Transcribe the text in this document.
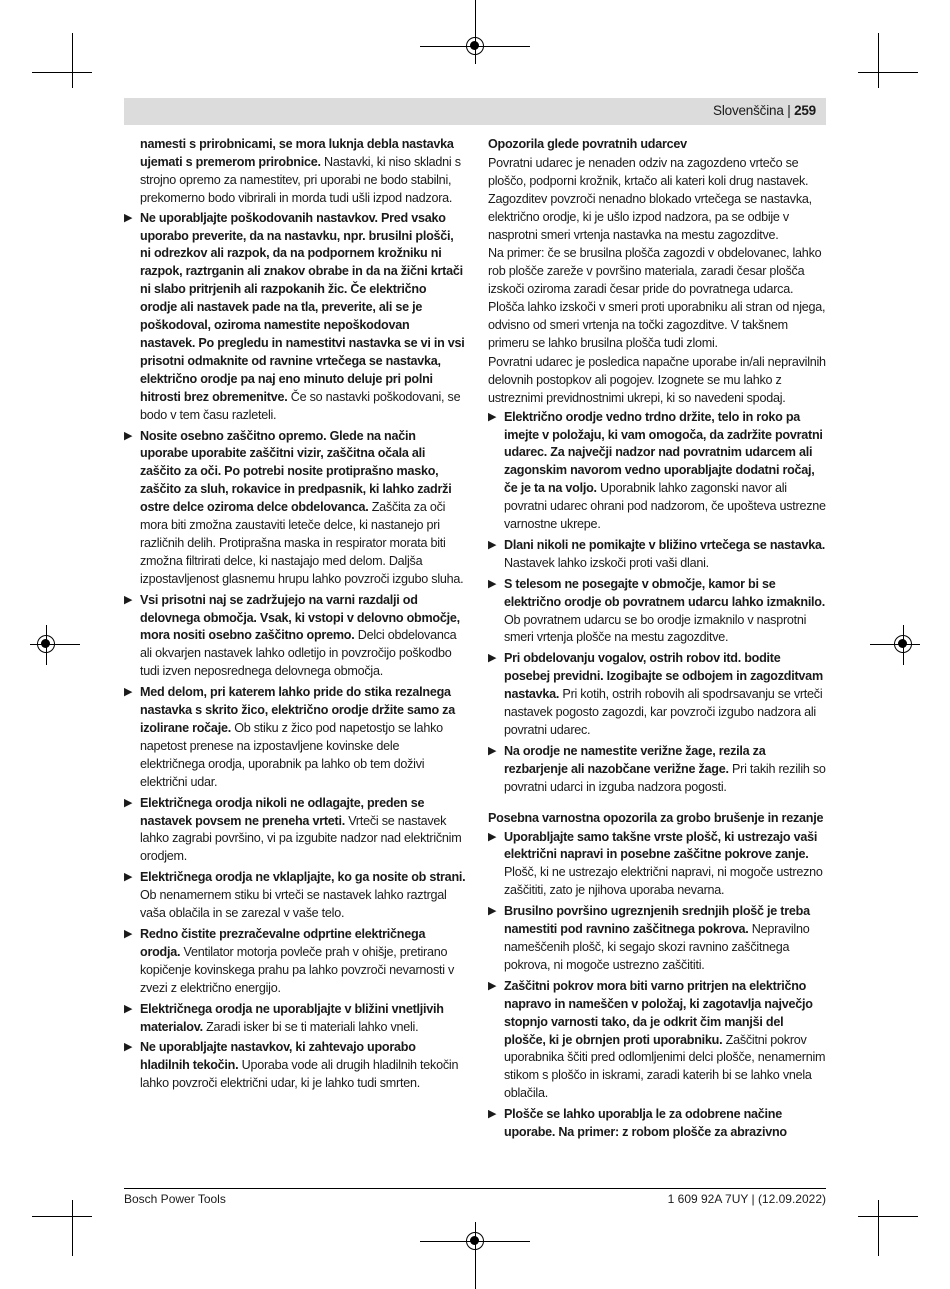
Slovenščina | 259

namesti s prirobnicami, se mora luknja debla nastavka ujemati s premerom prirobnice. Nastavki, ki niso skladni s strojno opremo za namestitev, pri uporabi ne bodo stabilni, prekomerno bodo vibrirali in morda tudi ušli izpod nadzora.

▶ Ne uporabljajte poškodovanih nastavkov. Pred vsako uporabo preverite, da na nastavku, npr. brusilni plošči, ni odrezkov ali razpok, da na podpornem krožniku ni razpok, raztrganin ali znakov obrabe in da na žični krtači ni slabo pritrjenih ali razpokanih žic. Če električno orodje ali nastavek pade na tla, preverite, ali se je poškodoval, oziroma namestite nepoškodovan nastavek. Po pregledu in namestitvi nastavka se vi in vsi prisotni odmaknite od ravnine vrtečega se nastavka, električno orodje pa naj eno minuto deluje pri polni hitrosti brez obremenitve. Če so nastavki poškodovani, se bodo v tem času razleteli.
▶ Nosite osebno zaščitno opremo. Glede na način uporabe uporabite zaščitni vizir, zaščitna očala ali zaščito za oči. Po potrebi nosite protiprašno masko, zaščito za sluh, rokavice in predpasnik, ki lahko zadrži ostre delce oziroma delce obdelovanca. Zaščita za oči mora biti zmožna zaustaviti leteče delce, ki nastanejo pri različnih delih. Protiprašna maska in respirator morata biti zmožna filtrirati delce, ki nastajajo med delom. Daljša izpostavljenost glasnemu hrupu lahko povzroči izgubo sluha.
▶ Vsi prisotni naj se zadržujejo na varni razdalji od delovnega območja. Vsak, ki vstopi v delovno območje, mora nositi osebno zaščitno opremo. Delci obdelovanca ali okvarjen nastavek lahko odletijo in povzročijo poškodbo tudi izven neposrednega delovnega območja.
▶ Med delom, pri katerem lahko pride do stika rezalnega nastavka s skrito žico, električno orodje držite samo za izolirane ročaje. Ob stiku z žico pod napetostjo se lahko napetost prenese na izpostavljene kovinske dele električnega orodja, uporabnik pa lahko ob tem doživi električni udar.
▶ Električnega orodja nikoli ne odlagajte, preden se nastavek povsem ne preneha vrteti. Vrteči se nastavek lahko zagrabi površino, vi pa izgubite nadzor nad električnim orodjem.
▶ Električnega orodja ne vklapljajte, ko ga nosite ob strani. Ob nenamernem stiku bi vrteči se nastavek lahko raztrgal vaša oblačila in se zarezal v vaše telo.
▶ Redno čistite prezračevalne odprtine električnega orodja. Ventilator motorja povleče prah v ohišje, pretirano kopičenje kovinskega prahu pa lahko povzroči nevarnosti v zvezi z električno energijo.
▶ Električnega orodja ne uporabljajte v bližini vnetljivih materialov. Zaradi isker bi se ti materiali lahko vneli.
▶ Ne uporabljajte nastavkov, ki zahtevajo uporabo hladilnih tekočin. Uporaba vode ali drugih hladilnih tekočin lahko povzroči električni udar, ki je lahko tudi smrten.

Opozorila glede povratnih udarcev

Povratni udarec je nenaden odziv na zagozdeno vrtečo se ploščo, podporni krožnik, krtačo ali kateri koli drug nastavek. Zagozditev povzroči nenadno blokado vrtečega se nastavka, električno orodje, ki je ušlo izpod nadzora, pa se odbije v nasprotni smeri vrtenja nastavka na mestu zagozditve.

Na primer: če se brusilna plošča zagozdi v obdelovanec, lahko rob plošče zareže v površino materiala, zaradi česar plošča izskoči oziroma zaradi česar pride do povratnega udarca. Plošča lahko izskoči v smeri proti uporabniku ali stran od njega, odvisno od smeri vrtenja na točki zagozditve. V takšnem primeru se lahko brusilna plošča tudi zlomi.

Povratni udarec je posledica napačne uporabe in/ali nepravilnih delovnih postopkov ali pogojev. Izognete se mu lahko z ustreznimi previdnostnimi ukrepi, ki so navedeni spodaj.

▶ Električno orodje vedno trdno držite, telo in roko pa imejte v položaju, ki vam omogoča, da zadržite povratni udarec. Za največji nadzor nad povratnim udarcem ali zagonskim navorom vedno uporabljajte dodatni ročaj, če je ta na voljo. Uporabnik lahko zagonski navor ali povratni udarec ohrani pod nadzorom, če upošteva ustrezne varnostne ukrepe.
▶ Dlani nikoli ne pomikajte v bližino vrtečega se nastavka. Nastavek lahko izskoči proti vaši dlani.
▶ S telesom ne posegajte v območje, kamor bi se električno orodje ob povratnem udarcu lahko izmaknilo. Ob povratnem udarcu se bo orodje izmaknilo v nasprotni smeri vrtenja plošče na mestu zagozditve.
▶ Pri obdelovanju vogalov, ostrih robov itd. bodite posebej previdni. Izogibajte se odbojem in zagozditvam nastavka. Pri kotih, ostrih robovih ali spodrsavanju se vrteči nastavek pogosto zagozdi, kar povzroči izgubo nadzora ali povratni udarec.
▶ Na orodje ne namestite verižne žage, rezila za rezbarjenje ali nazobčane verižne žage. Pri takih rezilih so povratni udarci in izguba nadzora pogosti.

Posebna varnostna opozorila za grobo brušenje in rezanje

▶ Uporabljajte samo takšne vrste plošč, ki ustrezajo vaši električni napravi in posebne zaščitne pokrove zanje. Plošč, ki ne ustrezajo električni napravi, ni mogoče ustrezno zaščititi, zato je njihova uporaba nevarna.
▶ Brusilno površino ugreznjenih srednjih plošč je treba namestiti pod ravnino zaščitnega pokrova. Nepravilno nameščenih plošč, ki segajo skozi ravnino zaščitnega pokrova, ni mogoče ustrezno zaščititi.
▶ Zaščitni pokrov mora biti varno pritrjen na električno napravo in nameščen v položaj, ki zagotavlja največjo stopnjo varnosti tako, da je odkrit čim manjši del plošče, ki je obrnjen proti uporabniku. Zaščitni pokrov uporabnika ščiti pred odlomljenimi delci plošče, nenamernim stikom s ploščo in iskrami, zaradi katerih bi se lahko vnela oblačila.
▶ Plošče se lahko uporablja le za odobrene načine uporabe. Na primer: z robom plošče za abrazivno
Bosch Power Tools	1 609 92A 7UY | (12.09.2022)
